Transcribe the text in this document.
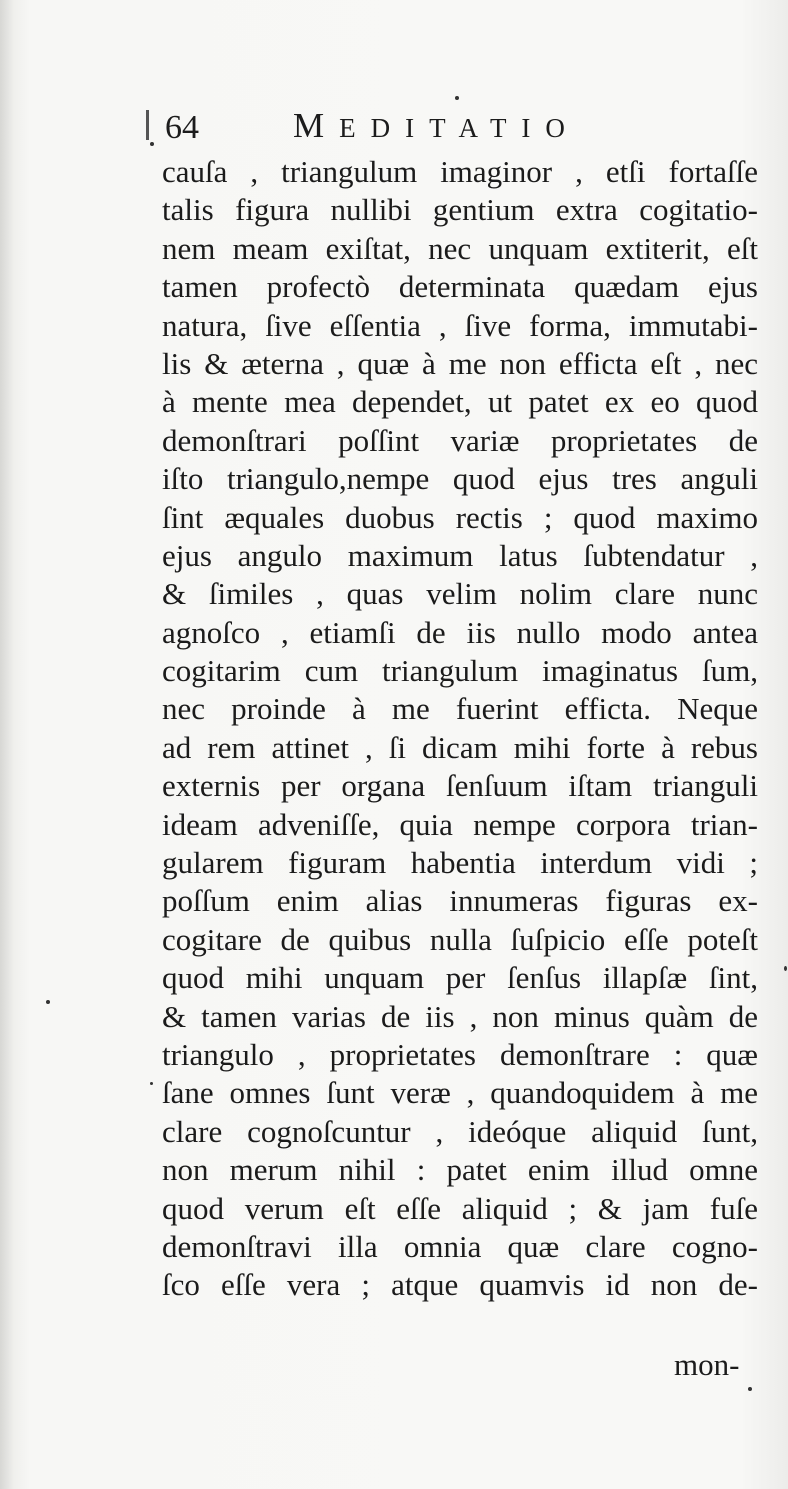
64	MEDITATIO
cauſa , triangulum imaginor , etſi fortaſſe
talis figura nullibi gentium extra cogitatio-
nem meam exiſtat, nec unquam extiterit, eſt
tamen profectò determinata quædam ejus
natura, ſive eſſentia , ſive forma, immutabi-
lis & æterna , quæ à me non efficta eſt , nec
à mente mea dependet, ut patet ex eo quod
demonſtrari poſſint variæ proprietates de
iſto triangulo,nempe quod ejus tres anguli
ſint æquales duobus rectis ; quod maximo
ejus angulo maximum latus ſubtendatur ,
& ſimiles , quas velim nolim clare nunc
agnoſco , etiamſi de iis nullo modo antea
cogitarim cum triangulum imaginatus ſum,
nec proinde à me fuerint efficta. Neque
ad rem attinet , ſi dicam mihi forte à rebus
externis per organa ſenſuum iſtam trianguli
ideam adveniſſe, quia nempe corpora trian-
gularem figuram habentia interdum vidi ;
poſſum enim alias innumeras figuras ex-
cogitare de quibus nulla ſuſpicio eſſe poteſt
quod mihi unquam per ſenſus illapſæ ſint,
& tamen varias de iis , non minus quàm de
triangulo , proprietates demonſtrare : quæ
ſane omnes ſunt veræ , quandoquidem à me
clare cognoſcuntur , ideóque aliquid ſunt,
non merum nihil : patet enim illud omne
quod verum eſt eſſe aliquid ; & jam fuſe
demonſtravi illa omnia quæ clare cogno-
ſco eſſe vera ; atque quamvis id non de-
mon-
